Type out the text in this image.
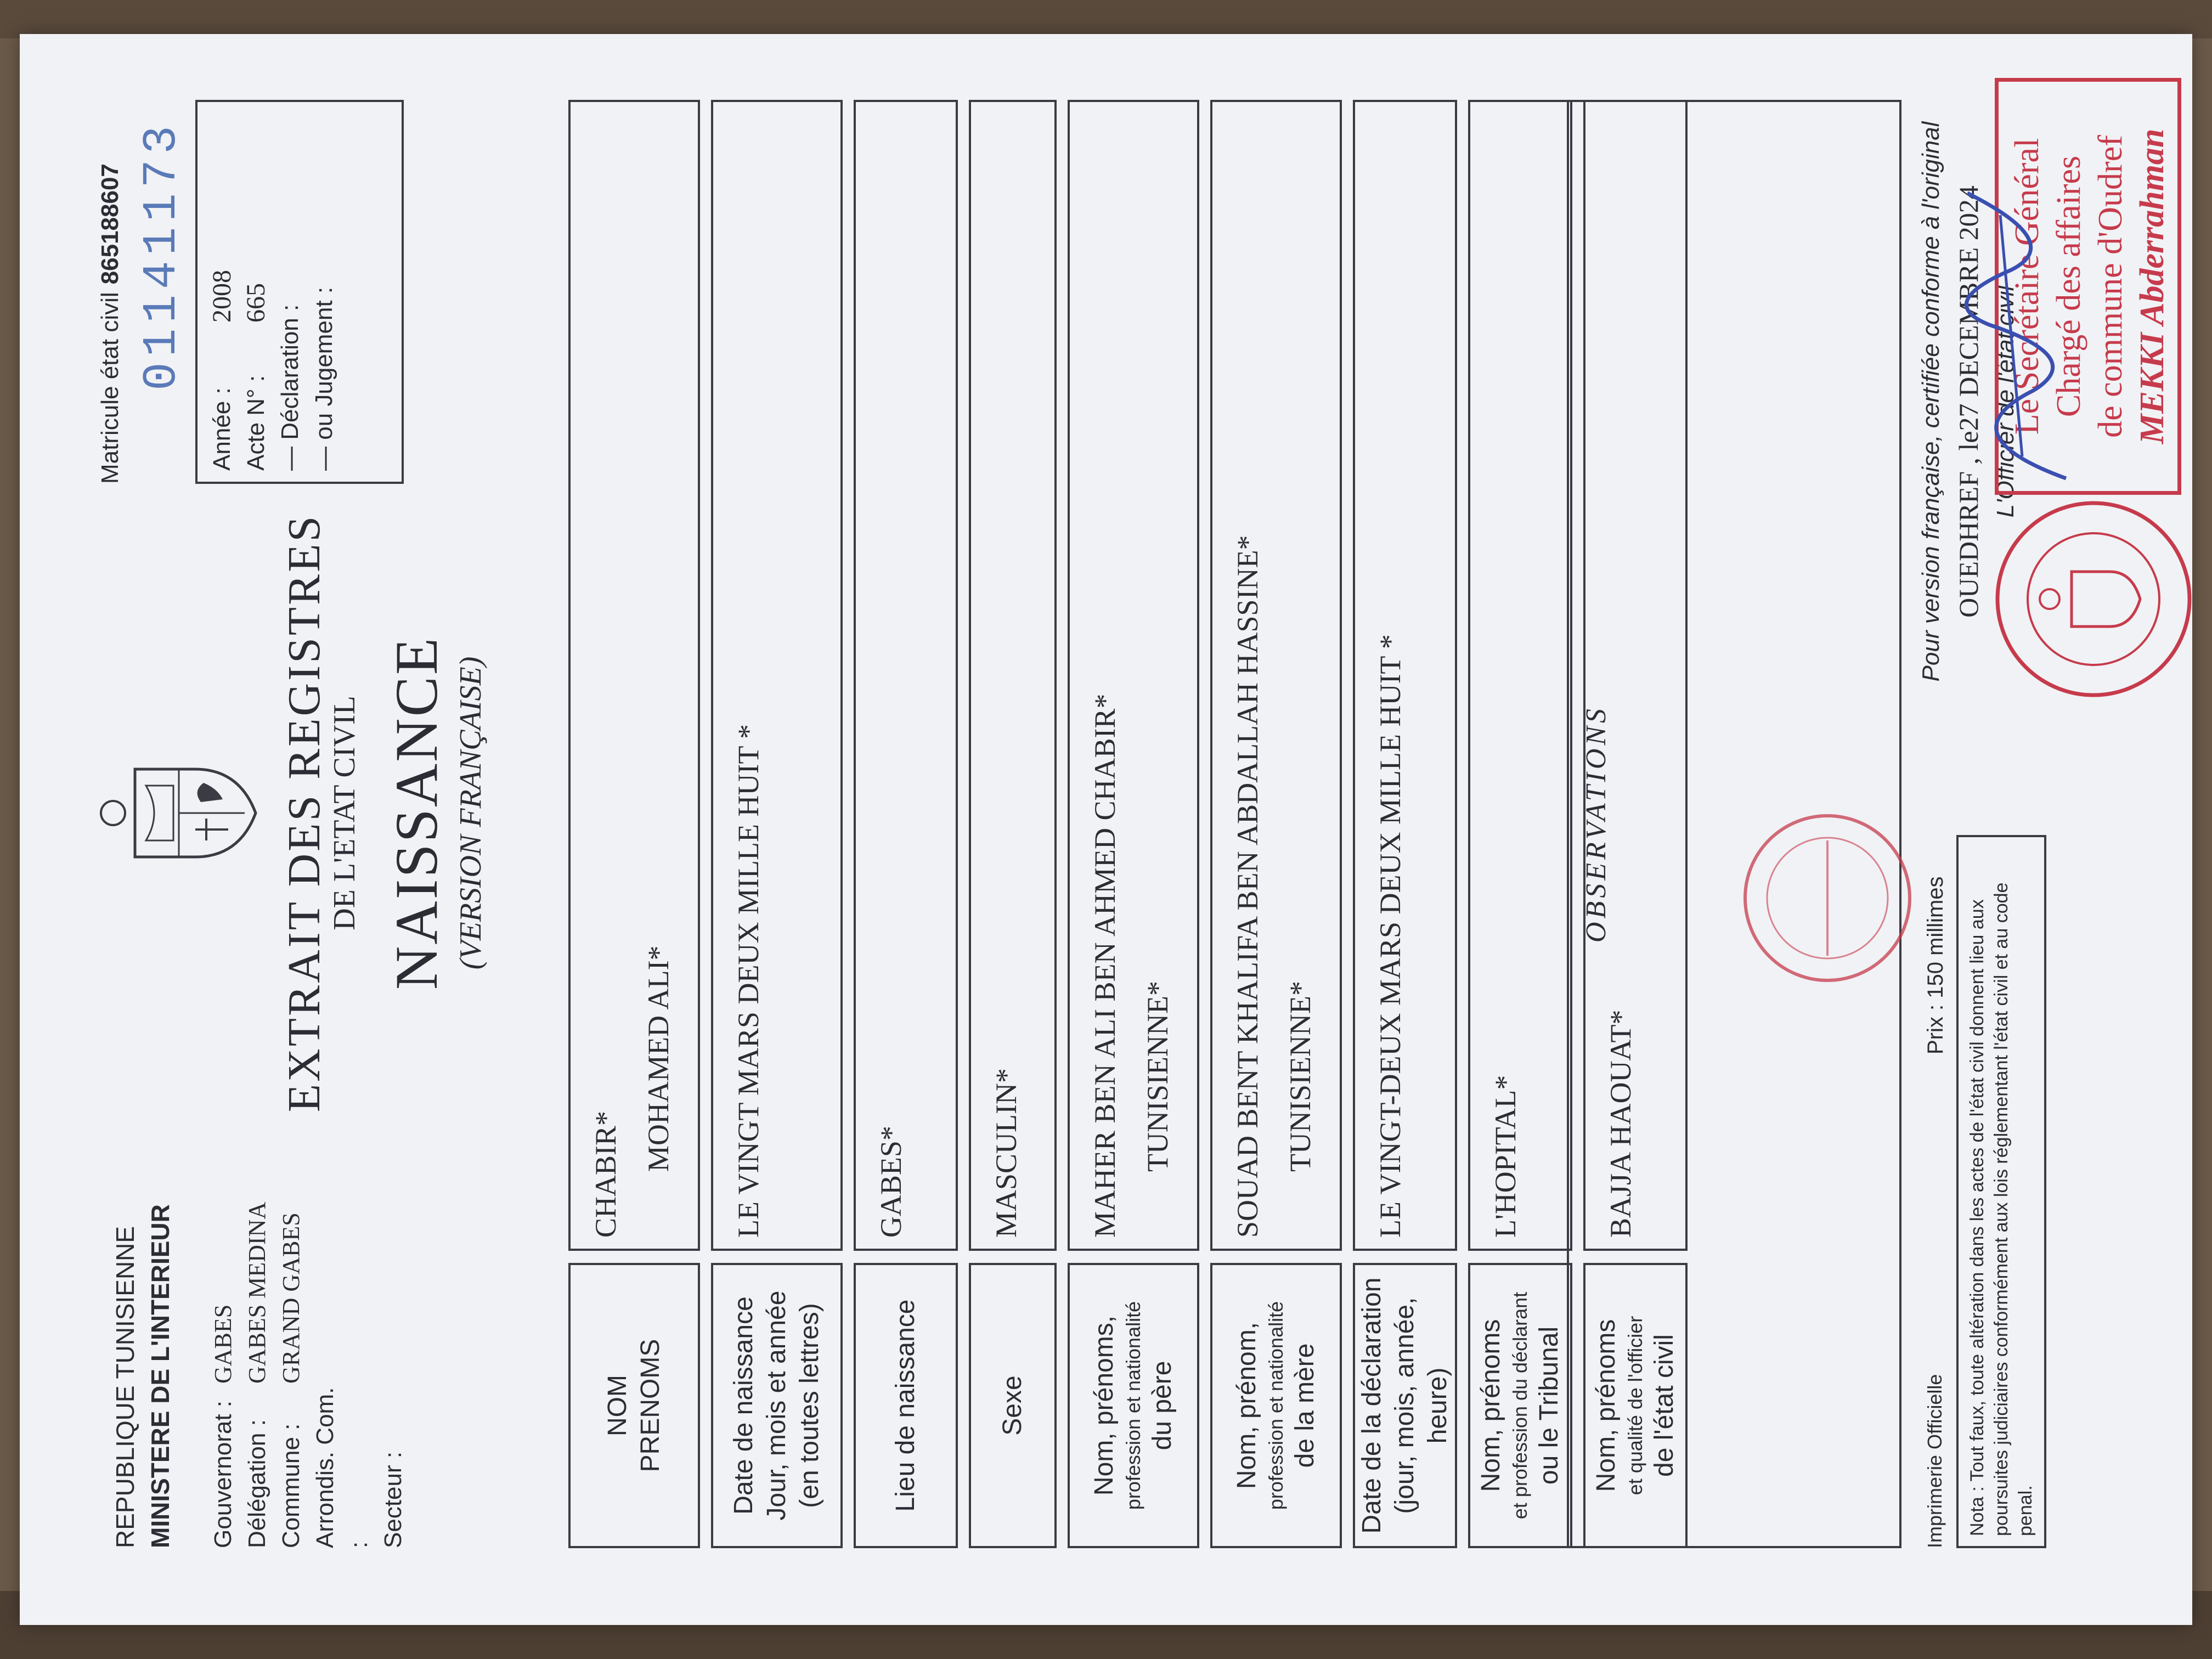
REPUBLIQUE TUNISIENNE MINISTERE DE L'INTERIEUR Gouvernorat :
GABES
Délégation :
GABES MEDINA
Commune :
GRAND GABES
Arrondis. Com. : Secteur :
EXTRAIT DES REGISTRES
DE L'ETAT CIVIL NAISSANCE (VERSION FRANÇAISE)
Matricule état civil865188607 01141173
Année :
2008
Acte N° :
665
— Déclaration : — ou Jugement :
NOM PRENOMS
CHABIR*
MOHAMED ALI*
Date de naissance Jour, mois et année (en toutes lettres)
LE VINGT MARS DEUX MILLE HUIT *
Lieu de naissance
GABES*
Sexe
MASCULIN*
Nom, prénoms, profession et nationalité du père
MAHER BEN ALI BEN AHMED CHABIR* TUNISIENNE*
Nom, prénom, profession et nationalité de la mère
SOUAD BENT KHALIFA BEN ABDALLAH HASSINE* TUNISIENNE*
Date de la déclaration (jour, mois, année, heure)
LE VINGT-DEUX MARS DEUX MILLE HUIT *
Nom, prénoms et profession du déclarant ou le Tribunal
L'HOPITAL*
Nom, prénoms et qualité de l'officier de l'état civil
BAJJA HAOUAT*
OBSERVATIONS
Imprimerie Officielle
Prix : 150 millimes	Nota : Tout faux, toute altération dans les actes de l'état civil donnent lieu aux poursuites judiciaires conformément aux lois réglementant l'état civil et au code penal.
Pour version française, certifiée conforme à l'original OUEDHREF , le27 DECEMBRE 2024 L'Officier de l'état civil
Le Secrétaire Général Chargé des affaires de commune d'Oudref MEKKI Abderrahman
